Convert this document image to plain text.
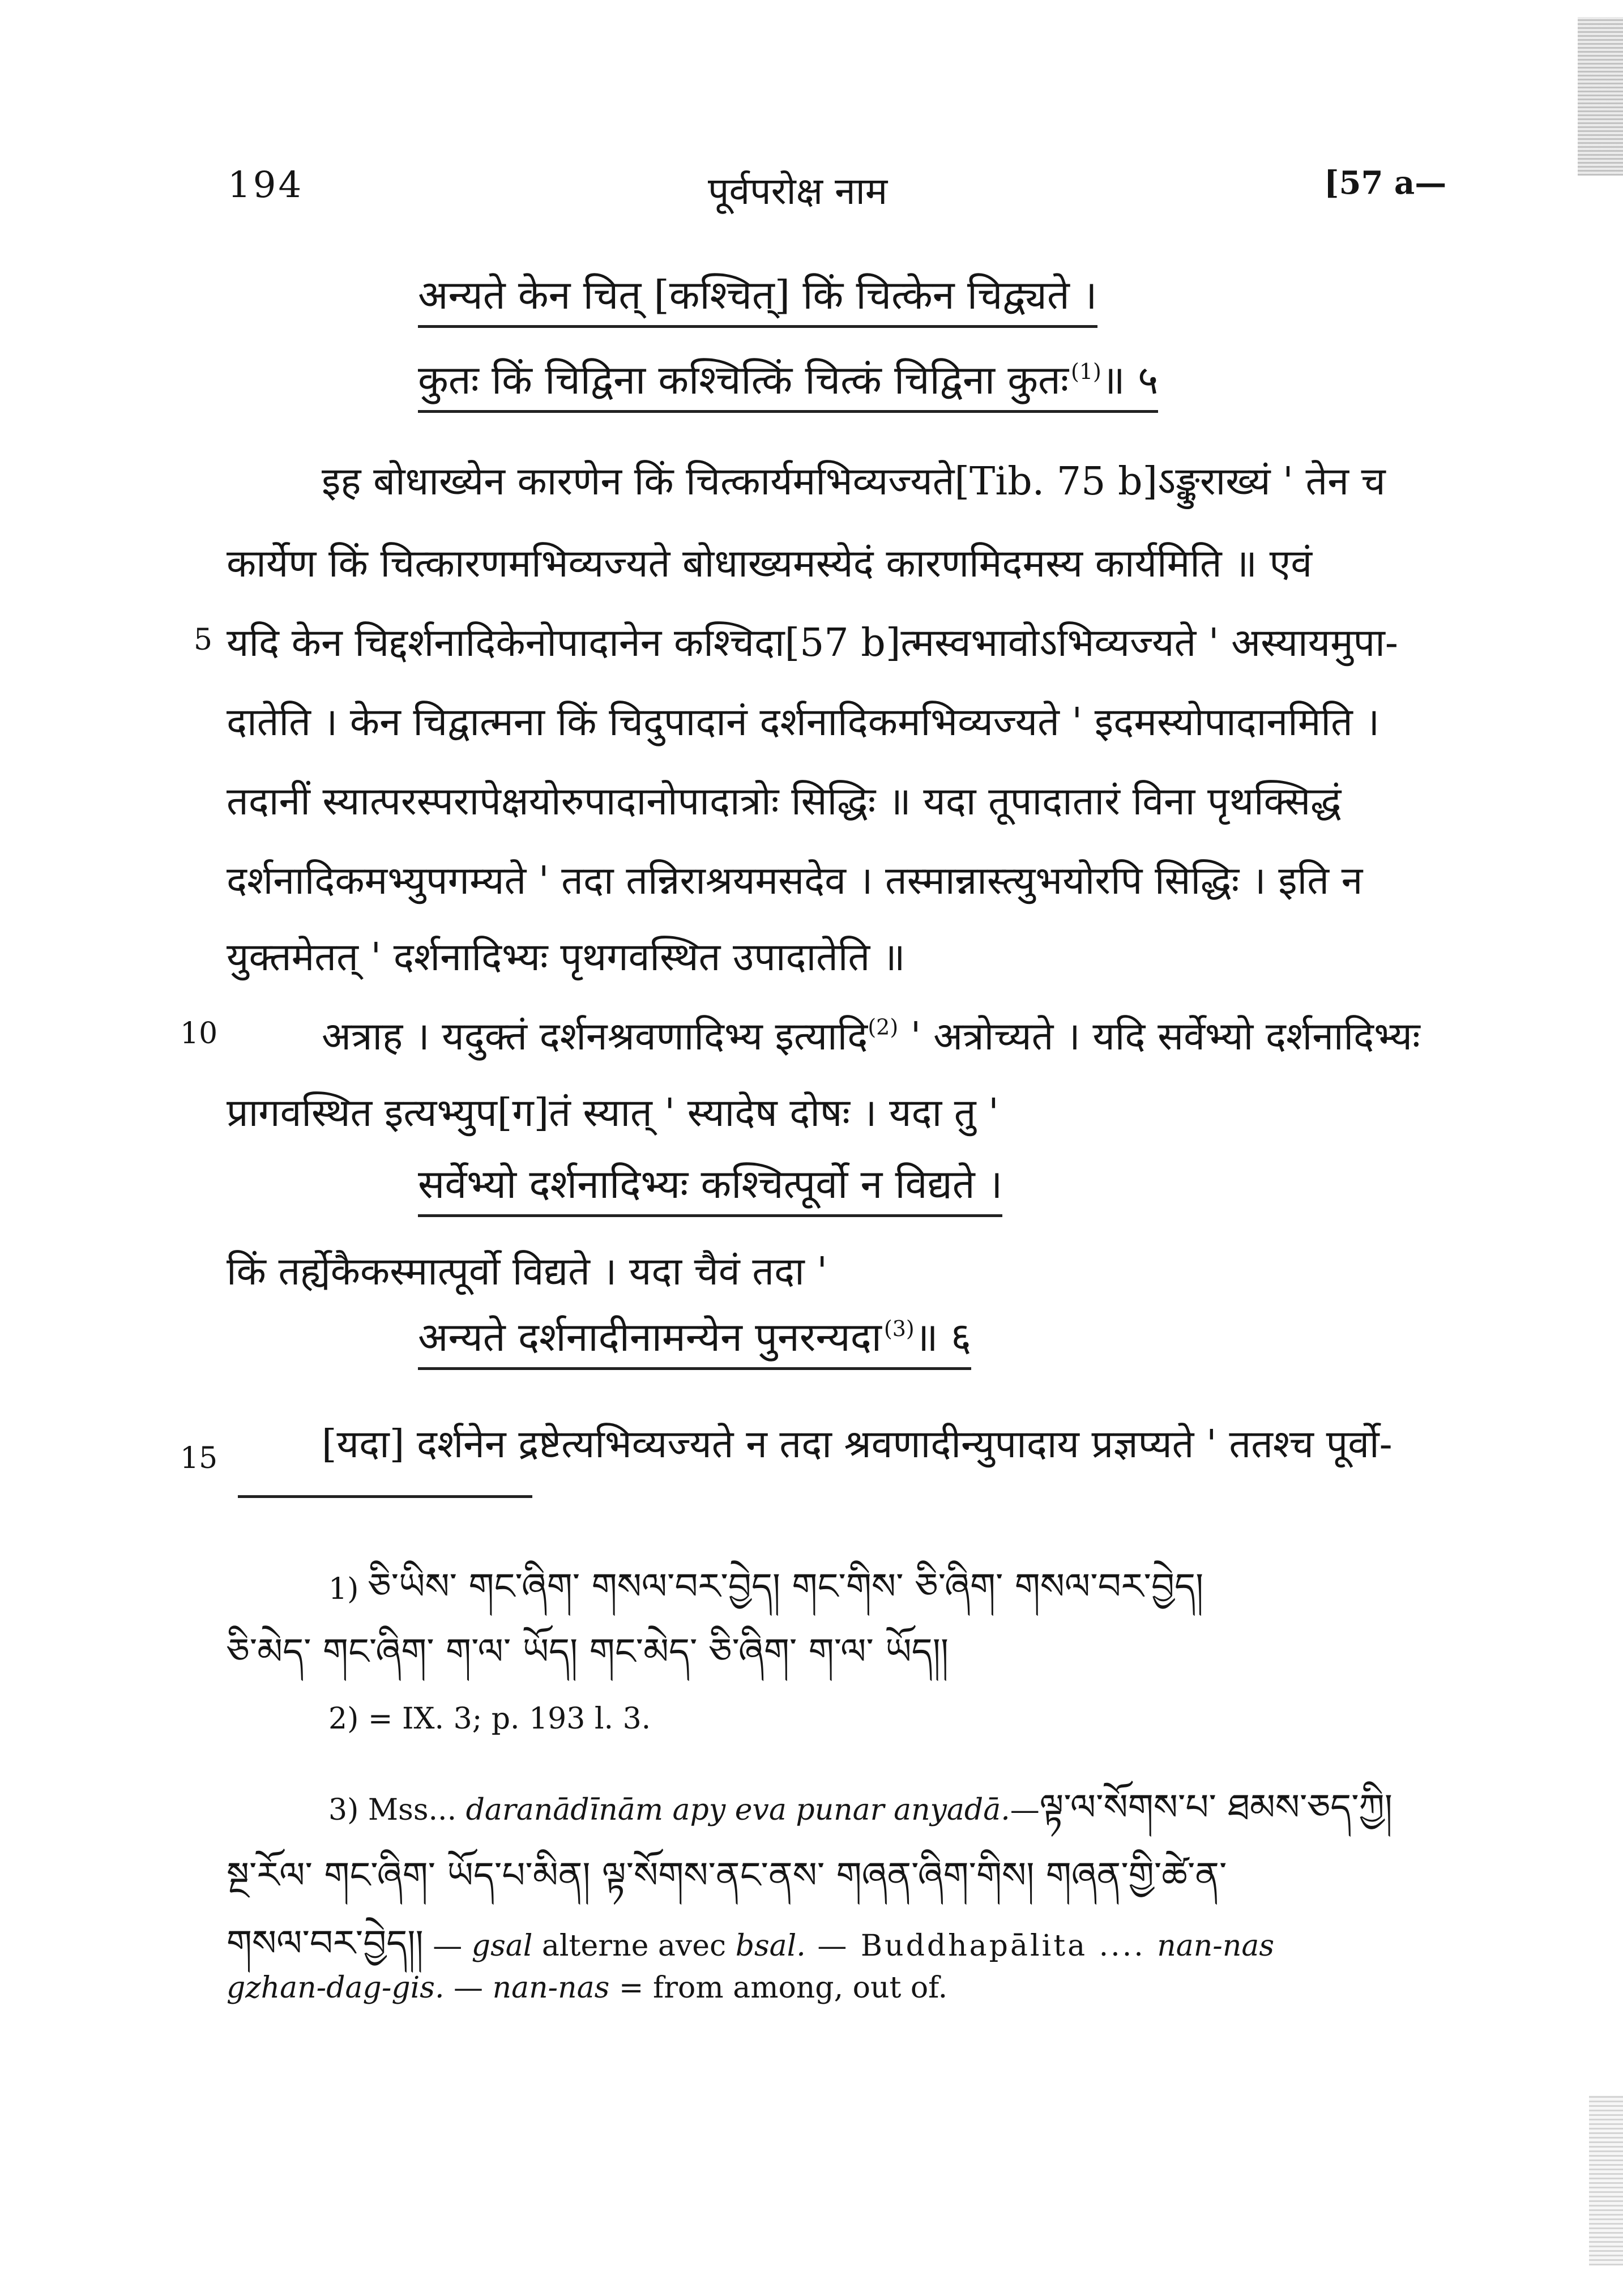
194	पूर्वपरोक्ष नाम	[57 a—
अन्यते केन चित् [कश्चित्] किं चित्केन चिद्व्यते ।
कुतः किं चिद्विना कश्चित्किं चित्कं चिद्विना कुतः $^{(1)}$॥ ५
इह बोधाख्येन कारणेन किं चित्कार्यमभिव्यज्यते[Tib. 75 b]ऽङ्कुराख्यं ' तेन च
कार्येण किं चित्कारणमभिव्यज्यते बोधाख्यमस्येदं कारणमिदमस्य कार्यमिति ॥ एवं
5 यदि केन चिद्दर्शनादिकेनोपादानेन कश्चिदा[57 b]त्मस्वभावोऽभिव्यज्यते ' अस्यायमुपा-
दातेति । केन चिद्वात्मना किं चिदुपादानं दर्शनादिकमभिव्यज्यते ' इदमस्योपादानमिति ।
तदानीं स्यात्परस्परापेक्षयोरुपादानोपादात्रोः सिद्धिः ॥ यदा तूपादातारं विना पृथक्सिद्धं
दर्शनादिकमभ्युपगम्यते ' तदा तन्निराश्रयमसदेव । तस्मान्नास्त्युभयोरपि सिद्धिः । इति न
युक्तमेतत् ' दर्शनादिभ्यः पृथगवस्थित उपादातेति ॥
10	अत्राह । यदुक्तं दर्शनश्रवणादिभ्य इत्यादि$^{(2)}$ ' अत्रोच्यते । यदि सर्वेभ्यो दर्शनादिभ्यः
प्रागवस्थित इत्यभ्युप[ग]तं स्यात् ' स्यादेष दोषः । यदा तु '
सर्वेभ्यो दर्शनादिभ्यः कश्चित्पूर्वो न विद्यते ।
किं तर्ह्येकैकस्मात्पूर्वो विद्यते । यदा चैवं तदा '
अन्यते दर्शनादीनामन्येन पुनरन्यदा $^{(3)}$॥ ६
15	[यदा] दर्शनेन द्रष्टेत्यभिव्यज्यते न तदा श्रवणादीन्युपादाय प्रज्ञप्यते ' ततश्च पूर्वो-
1) ཅི་ཡིས་ གང་ཞིག་ གསལ་བར་བྱེད། གང་གིས་ ཅི་ཞིག་ གསལ་བར་བྱེད།
ཅི་མེད་ གང་ཞིག་ ག་ལ་ ཡོད། གང་མེད་ ཅི་ཞིག་ ག་ལ་ ཡོད།།
2) = IX. 3; p. 193 l. 3.
3) Mss... daranādīnām apy eva punar anyadā.—ལྟ་ལ་སོགས་པ་ ཐམས་ཅད་ཀྱི།
སྔ་རོལ་ གང་ཞིག་ ཡོད་པ་མིན། ལྟ་སོགས་ནང་ནས་ གཞན་ཞིག་གིས། གཞན་གྱི་ཚེ་ན་
གསལ་བར་བྱེད།། — gsal alterne avec bsal. — Buddhapālita .... nan-nas
gzhan-dag-gis. — nan-nas = from among, out of.
